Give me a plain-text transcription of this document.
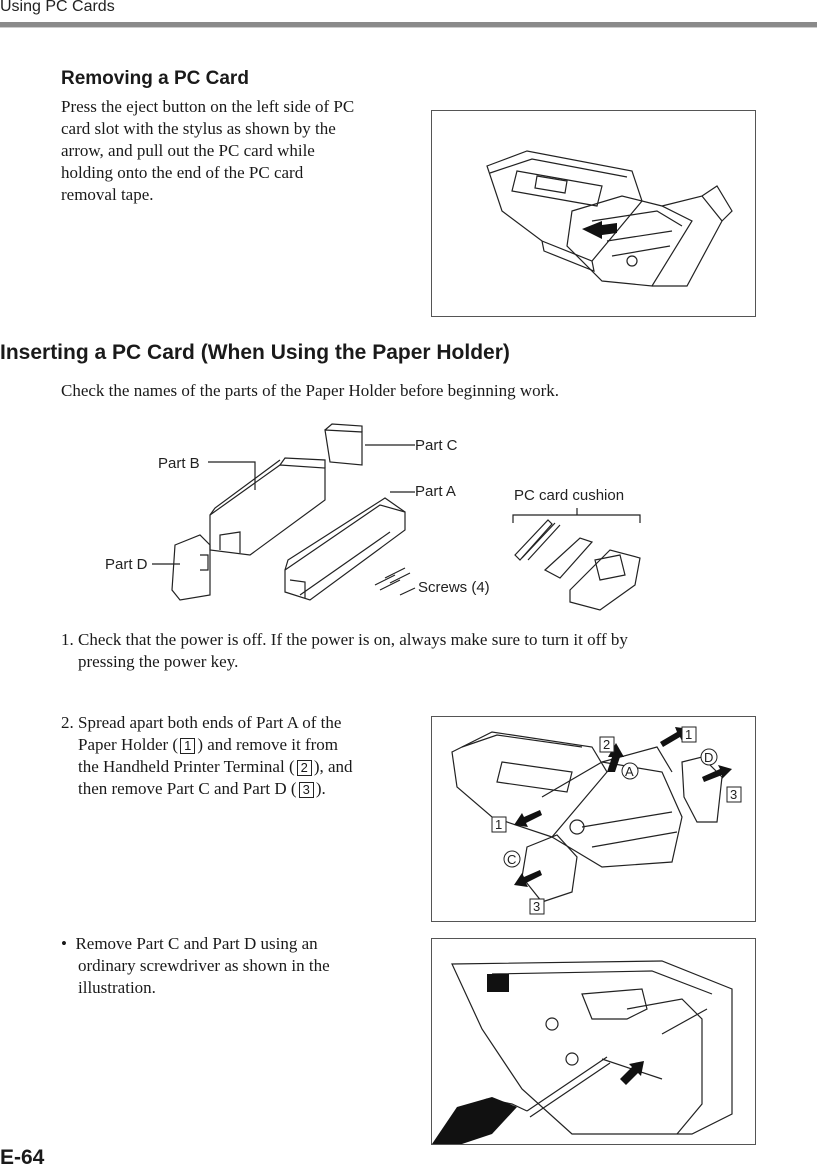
Using PC Cards
Removing a PC Card
Press the eject button on the left side of PC
card slot with the stylus as shown by the
arrow, and pull out the PC card while
holding onto the end of the PC card
removal tape.
Inserting a PC Card (When Using the Paper Holder)
Check the names of the parts of the Paper Holder before beginning work.
Part B
Part C
Part A
Part D
Screws (4)
PC card cushion
1. Check that the power is off. If the power is on, always make sure to turn it off by
pressing the power key.
2. Spread apart both ends of Part A of the
Paper Holder ( 1 ) and remove it from
the Handheld Printer Terminal ( 2 ), and
then remove Part C and Part D ( 3 ).
2
1
3
1
3
A
D
C
• Remove Part C and Part D using an
ordinary screwdriver as shown in the
illustration.
E-64
